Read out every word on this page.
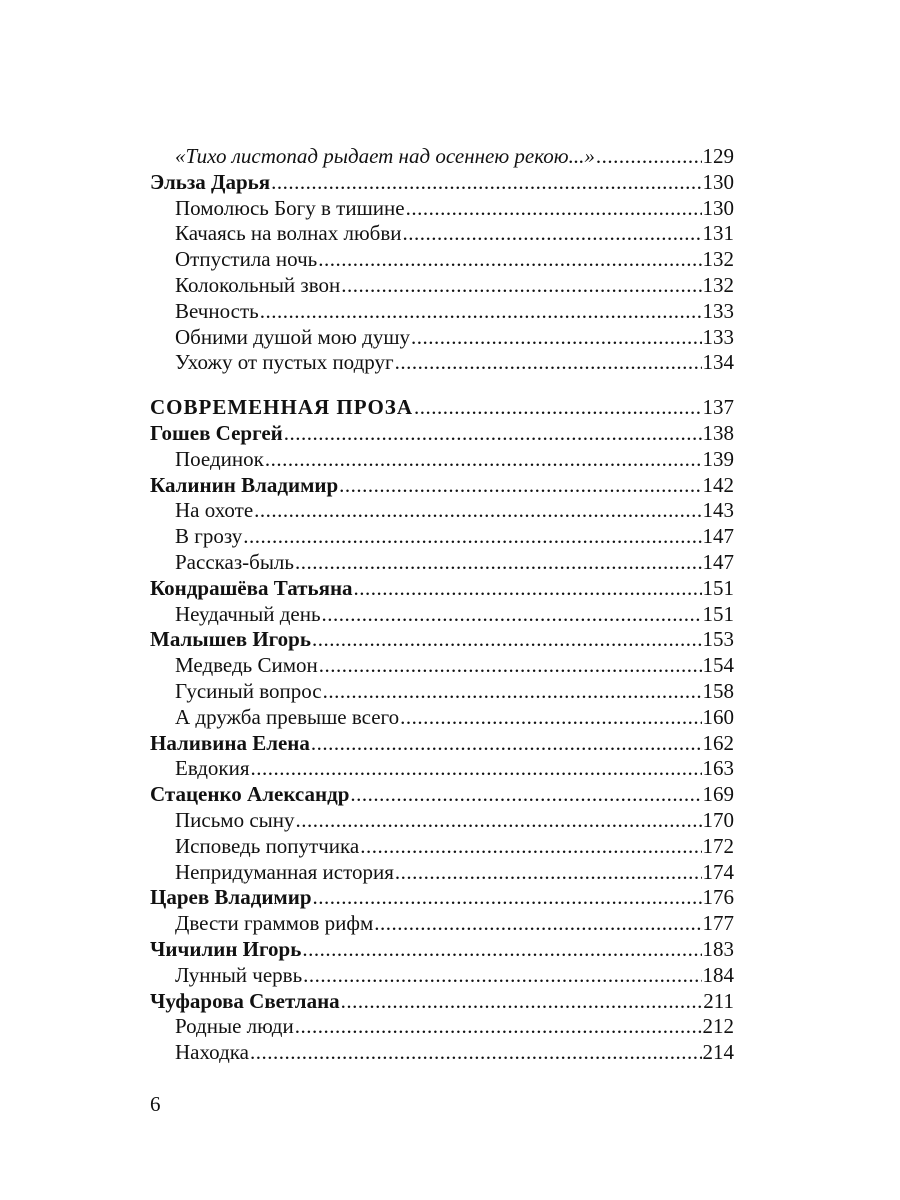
«Тихо листопад рыдает над осеннею рекою...» .....	129
Эльза Дарья .....	130
Помолюсь Богу в тишине .....	130
Качаясь на волнах любви .....	131
Отпустила ночь .....	132
Колокольный звон .....	132
Вечность .....	133
Обними душой мою душу .....	133
Ухожу от пустых подруг .....	134
СОВРЕМЕННАЯ ПРОЗА .....	137
Гошев Сергей .....	138
Поединок .....	139
Калинин Владимир .....	142
На охоте .....	143
В грозу .....	147
Рассказ-быль .....	147
Кондрашёва Татьяна .....	151
Неудачный день .....	151
Малышев Игорь .....	153
Медведь Симон .....	154
Гусиный вопрос .....	158
А дружба превыше всего .....	160
Наливина Елена .....	162
Евдокия .....	163
Стаценко Александр .....	169
Письмо сыну .....	170
Исповедь попутчика .....	172
Непридуманная история .....	174
Царев Владимир .....	176
Двести граммов рифм .....	177
Чичилин Игорь .....	183
Лунный червь .....	184
Чуфарова Светлана .....	211
Родные люди .....	212
Находка .....	214
6
